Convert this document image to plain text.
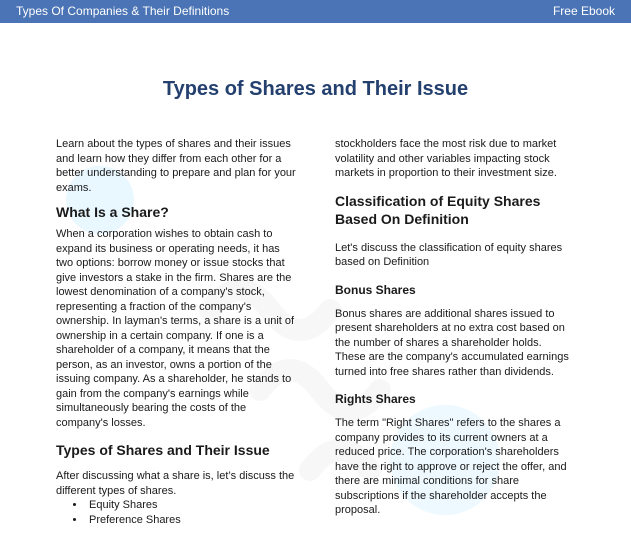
Types Of Companies & Their Definitions	Free Ebook
Types of Shares and Their Issue

Learn about the types of shares and their issues and learn how they differ from each other for a better understanding to prepare and plan for your exams.

What Is a Share?

When a corporation wishes to obtain cash to expand its business or operating needs, it has two options: borrow money or issue stocks that give investors a stake in the firm. Shares are the lowest denomination of a company's stock, representing a fraction of the company's ownership. In layman's terms, a share is a unit of ownership in a certain company. If one is a shareholder of a company, it means that the person, as an investor, owns a portion of the issuing company. As a shareholder, he stands to gain from the company's earnings while simultaneously bearing the costs of the company's losses.

Types of Shares and Their Issue

After discussing what a share is, let’s discuss the different types of shares.

• Equity Shares
• Preference Shares

stockholders face the most risk due to market volatility and other variables impacting stock markets in proportion to their investment size.

Classification of Equity Shares Based On Definition

Let's discuss the classification of equity shares based on Definition

Bonus Shares

Bonus shares are additional shares issued to present shareholders at no extra cost based on the number of shares a shareholder holds. These are the company's accumulated earnings turned into free shares rather than dividends.

Rights Shares

The term "Right Shares" refers to the shares a company provides to its current owners at a reduced price. The corporation's shareholders have the right to approve or reject the offer, and there are minimal conditions for share subscriptions if the shareholder accepts the proposal.
